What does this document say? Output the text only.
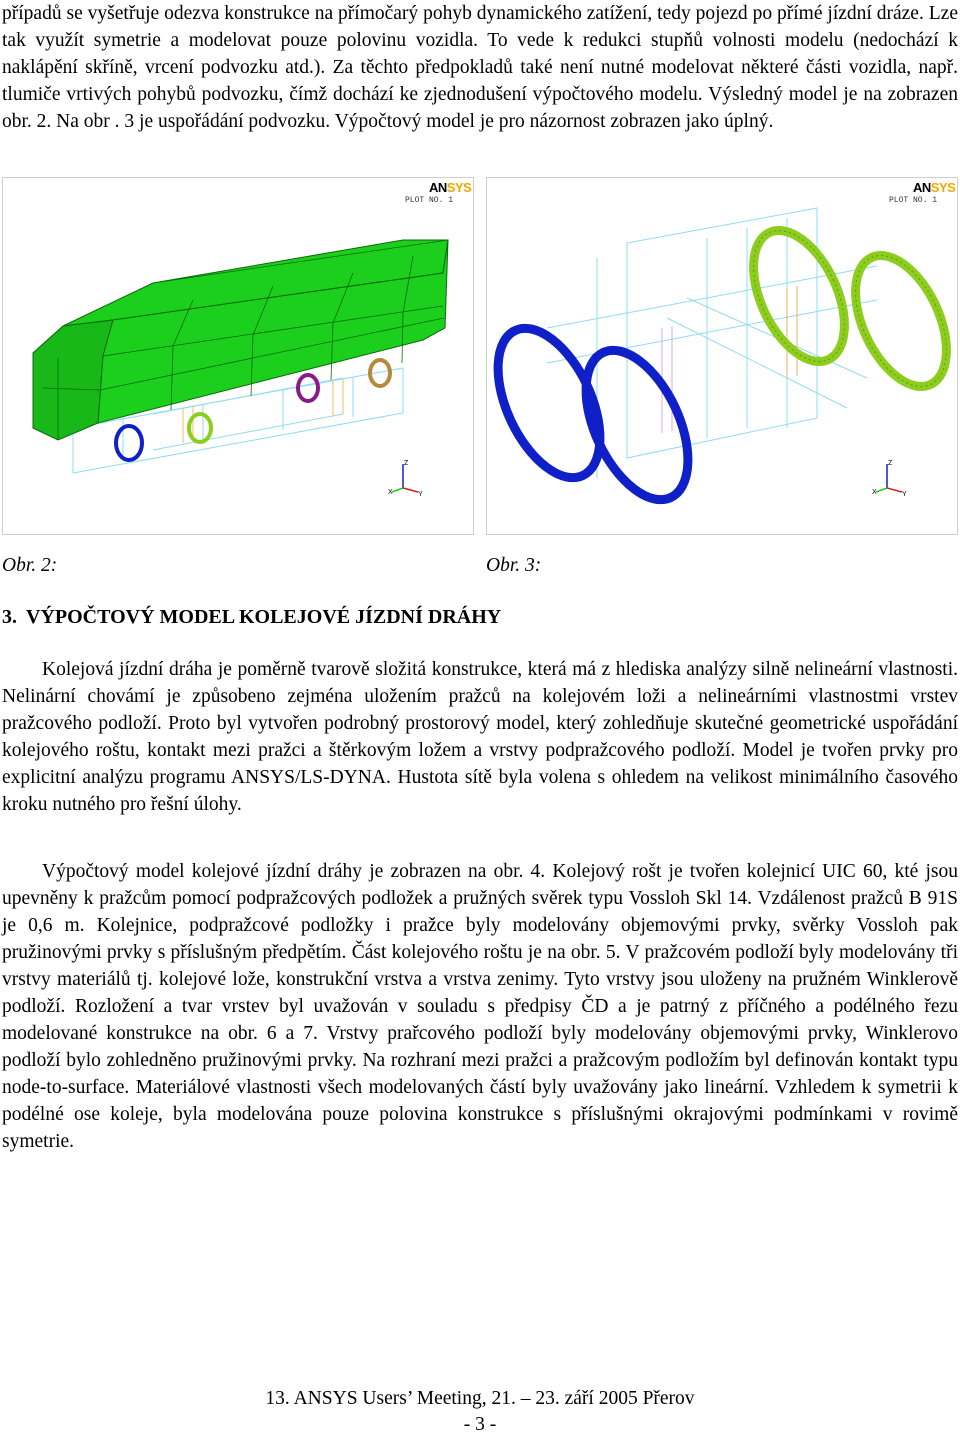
případů se vyšetřuje odezva konstrukce na přímočarý pohyb dynamického zatížení, tedy pojezd po přímé jízdní dráze. Lze tak využít symetrie a modelovat pouze polovinu vozidla. To vede k redukci stupňů volnosti modelu (nedochází k naklápění skříně, vrcení podvozku atd.). Za těchto předpokladů také není nutné modelovat některé části vozidla, např. tlumiče vrtivých pohybů podvozku, čímž dochází ke zjednodušení výpočtového modelu. Výsledný model je na zobrazen obr. 2. Na obr . 3 je uspořádání podvozku. Výpočtový model je pro názornost zobrazen jako úplný.

ANSYS
PLOT NO. 1
Z
X	Y
ANSYS
PLOT NO. 1
Z
X	Y
Obr. 2:	Obr. 3:
3. VÝPOČTOVÝ MODEL KOLEJOVÉ JÍZDNÍ DRÁHY

Kolejová jízdní dráha je poměrně tvarově složitá konstrukce, která má z hlediska analýzy silně nelineární vlastnosti. Nelinární chovámí je způsobeno zejména uložením pražců na kolejovém loži a nelineárními vlastnostmi vrstev pražcového podloží. Proto byl vytvořen podrobný prostorový model, který zohledňuje skutečné geometrické uspořádání kolejového roštu, kontakt mezi pražci a štěrkovým ložem a vrstvy podpražcového podloží. Model je tvořen prvky pro explicitní analýzu programu ANSYS/LS-DYNA. Hustota sítě byla volena s ohledem na velikost minimálního časového kroku nutného pro řešní úlohy.

Výpočtový model kolejové jízdní dráhy je zobrazen na obr. 4. Kolejový rošt je tvořen kolejnicí UIC 60, kté jsou upevněny k pražcům pomocí podpražcových podložek a pružných svěrek typu Vossloh Skl 14. Vzdálenost pražců B 91S je 0,6 m. Kolejnice, podpražcové podložky i pražce byly modelovány objemovými prvky, svěrky Vossloh pak pružinovými prvky s příslušným předpětím. Část kolejového roštu je na obr. 5. V pražcovém podloží byly modelovány tři vrstvy materiálů tj. kolejové lože, konstrukční vrstva a vrstva zenimy. Tyto vrstvy jsou uloženy na pružném Winklerově podloží. Rozložení a tvar vrstev byl uvažován v souladu s předpisy ČD a je patrný z příčného a podélného řezu modelované konstrukce na obr. 6 a 7. Vrstvy prařcového podloží byly modelovány objemovými prvky, Winklerovo podloží bylo zohledněno pružinovými prvky. Na rozhraní mezi pražci a pražcovým podložím byl definován kontakt typu node-to-surface. Materiálové vlastnosti všech modelovaných částí byly uvažovány jako lineární. Vzhledem k symetrii k podélné ose koleje, byla modelována pouze polovina konstrukce s příslušnými okrajovými podmínkami v rovimě symetrie.

13. ANSYS Users’ Meeting, 21. – 23. září 2005 Přerov
- 3 -
